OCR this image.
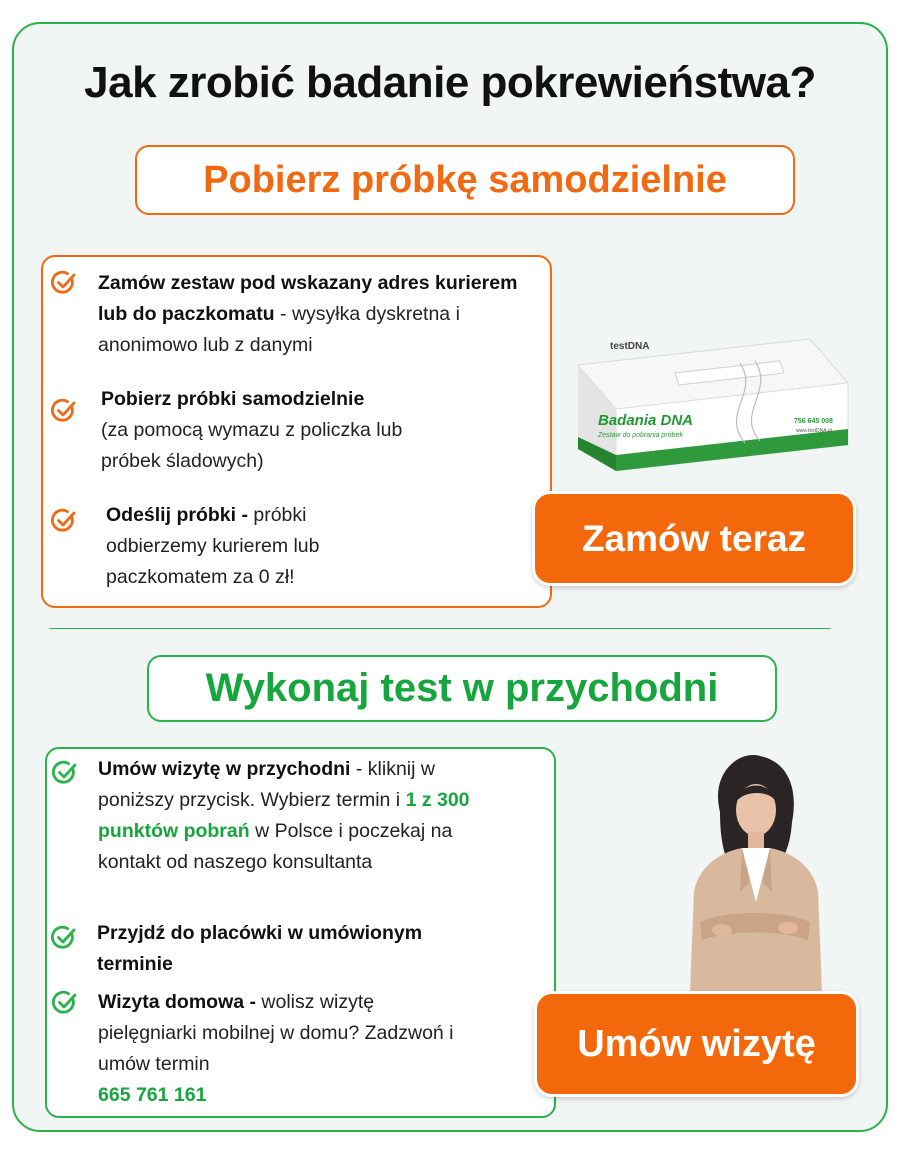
Jak zrobić badanie pokrewieństwa?
Pobierz próbkę samodzielnie
Zamów zestaw pod wskazany adres kurierem lub do paczkomatu - wysyłka dyskretna i anonimowo lub z danymi
Pobierz próbki samodzielnie
(za pomocą wymazu z policzka lub próbek śladowych)
Odeślij próbki - próbki odbierzemy kurierem lub paczkomatem za 0 zł!
testDNA
Badania DNA
Zestaw do pobrania próbek
756 645 008
www.testDNA.pl
Zamów teraz
Wykonaj test w przychodni
Umów wizytę w przychodni - kliknij w poniższy przycisk. Wybierz termin i 1 z 300 punktów pobrań w Polsce i poczekaj na kontakt od naszego konsultanta
Przyjdź do placówki w umówionym terminie
Wizyta domowa - wolisz wizytę pielęgniarki mobilnej w domu? Zadzwoń i umów termin
665 761 161
Umów wizytę
